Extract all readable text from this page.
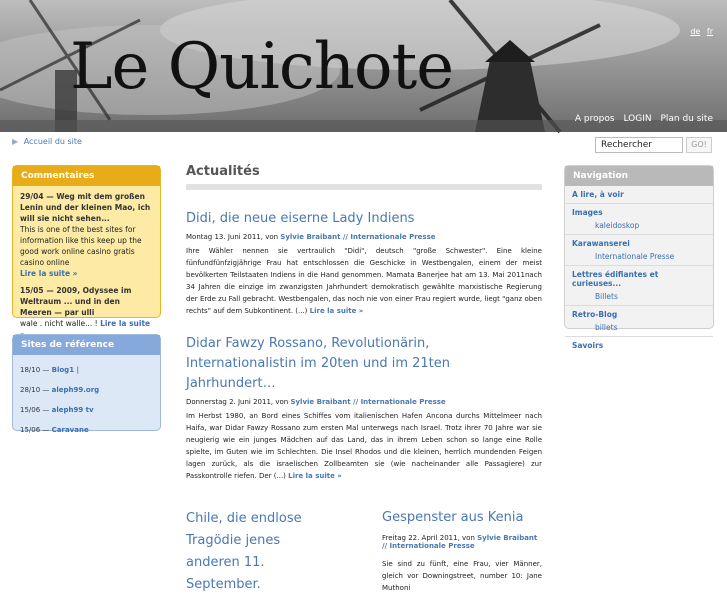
Le Quichote	de fr
A propos LOGIN Plan du site
▶ Accueil du site	Rechercher	GO!
Commentaires
29/04 — Weg mit dem großen Lenin und der kleinen Mao, ich will sie nicht sehen...
This is one of the best sites for information like this keep up the good work online casino gratis casino online
Lire la suite »
15/05 — 2009, Odyssee im Weltraum ... und in den Meeren — par ulli
wale . nicht walle... ! Lire la suite
Sites de référence
18/10 — Blog1 |
28/10 — aleph99.org
15/06 — aleph99 tv
15/06 — Caravane
Actualités
Didi, die neue eiserne Lady Indiens
Montag 13. Juni 2011, von Sylvie Braibant // Internationale Presse
Ihre Wähler nennen sie vertraulich "Didi", deutsch "große Schwester". Eine kleine fünfundfünfzigjährige Frau hat entschlossen die Geschicke in Westbengalen, einem der meist bevölkerten Teilstaaten Indiens in die Hand genommen. Mamata Banerjee hat am 13. Mai 2011nach 34 Jahren die einzige im zwanzigsten Jahrhundert demokratisch gewählte marxistische Regierung der Erde zu Fall gebracht. Westbengalen, das noch nie von einer Frau regiert wurde, liegt "ganz oben rechts" auf dem Subkontinent. (...) Lire la suite »
Didar Fawzy Rossano, Revolutionärin, Internationalistin im 20ten und im 21ten Jahrhundert…
Donnerstag 2. Juni 2011, von Sylvie Braibant // Internationale Presse
Im Herbst 1980, an Bord eines Schiffes vom italienischen Hafen Ancona durchs Mittelmeer nach Haifa, war Didar Fawzy Rossano zum ersten Mal unterwegs nach Israel. Trotz ihrer 70 Jahre war sie neugierig wie ein junges Mädchen auf das Land, das in ihrem Leben schon so lange eine Rolle spielte, im Guten wie im Schlechten. Die Insel Rhodos und die kleinen, herrlich mundenden Feigen lagen zurück, als die israelischen Zollbeamten sie (wie nacheinander alle Passagiere) zur Passkontrolle riefen. Der (...) Lire la suite »
Chile, die endlose Tragödie jenes anderen 11. September.
Gespenster aus Kenia
Freitag 22. April 2011, von Sylvie Braibant // Internationale Presse
Sie sind zu fünft, eine Frau, vier Männer, gleich vor Downingstreet, number 10: Jane Muthoni
Navigation
A lire, à voir
Images
kaleidoskop
Karawanserei
Internationale Presse
Lettres édifiantes et curieuses...
Billets
Retro-Blog
billets
Savoirs
